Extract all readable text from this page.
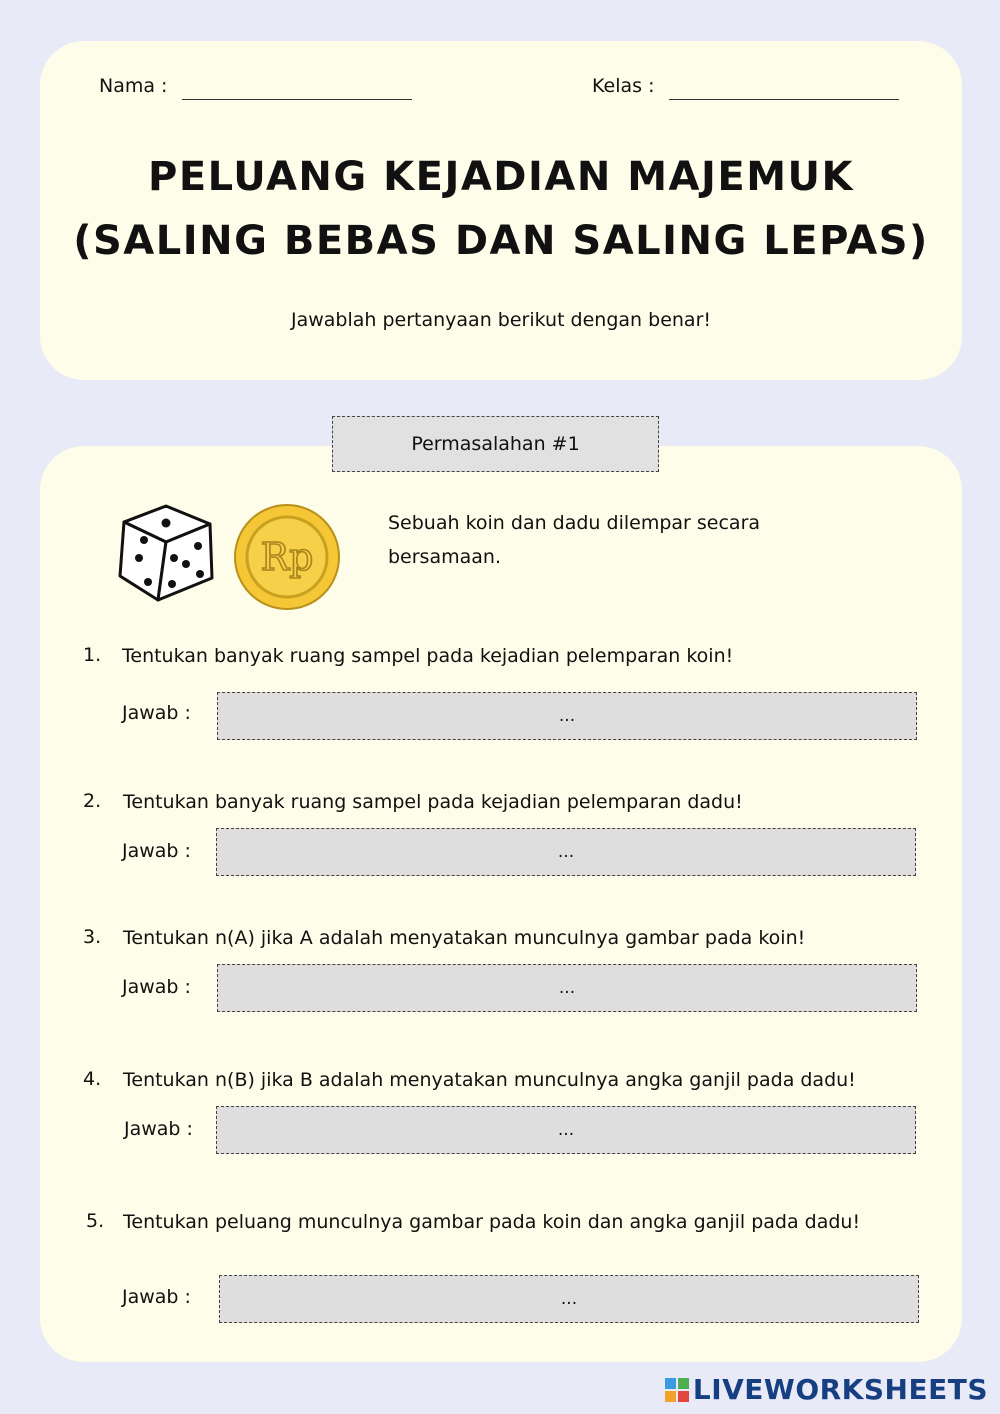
Nama :	Kelas :
PELUANG KEJADIAN MAJEMUK
(SALING BEBAS DAN SALING LEPAS)
Jawablah pertanyaan berikut dengan benar!
Permasalahan #1
Rp
Sebuah koin dan dadu dilempar secara bersamaan.
1. Tentukan banyak ruang sampel pada kejadian pelemparan koin!
Jawab :	...
2. Tentukan banyak ruang sampel pada kejadian pelemparan dadu!
Jawab :	...
3. Tentukan n(A) jika A adalah menyatakan munculnya gambar pada koin!
Jawab :	...
4. Tentukan n(B) jika B adalah menyatakan munculnya angka ganjil pada dadu!
Jawab :	...
5. Tentukan peluang munculnya gambar pada koin dan angka ganjil pada dadu!
Jawab :	...
LIVEWORKSHEETS
